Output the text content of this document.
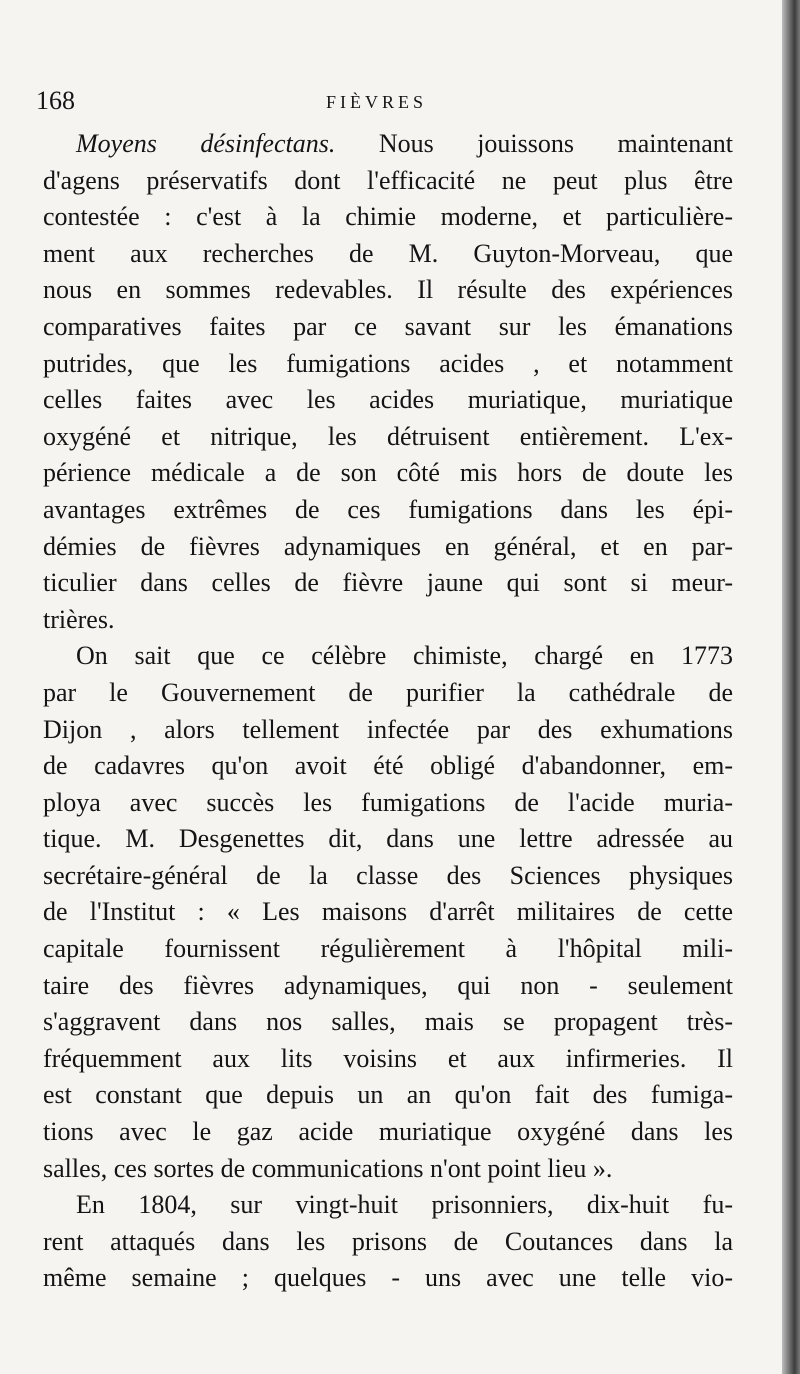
168	FIÈVRES
Moyens désinfectans. Nous jouissons maintenant
d'agens préservatifs dont l'efficacité ne peut plus être
contestée : c'est à la chimie moderne, et particulière-
ment aux recherches de M. Guyton-Morveau, que
nous en sommes redevables. Il résulte des expériences
comparatives faites par ce savant sur les émanations
putrides, que les fumigations acides , et notamment
celles faites avec les acides muriatique, muriatique
oxygéné et nitrique, les détruisent entièrement. L'ex-
périence médicale a de son côté mis hors de doute les
avantages extrêmes de ces fumigations dans les épi-
démies de fièvres adynamiques en général, et en par-
ticulier dans celles de fièvre jaune qui sont si meur-
trières.
On sait que ce célèbre chimiste, chargé en 1773
par le Gouvernement de purifier la cathédrale de
Dijon , alors tellement infectée par des exhumations
de cadavres qu'on avoit été obligé d'abandonner, em-
ploya avec succès les fumigations de l'acide muria-
tique. M. Desgenettes dit, dans une lettre adressée au
secrétaire-général de la classe des Sciences physiques
de l'Institut : « Les maisons d'arrêt militaires de cette
capitale fournissent régulièrement à l'hôpital mili-
taire des fièvres adynamiques, qui non - seulement
s'aggravent dans nos salles, mais se propagent très-
fréquemment aux lits voisins et aux infirmeries. Il
est constant que depuis un an qu'on fait des fumiga-
tions avec le gaz acide muriatique oxygéné dans les
salles, ces sortes de communications n'ont point lieu ».
En 1804, sur vingt-huit prisonniers, dix-huit fu-
rent attaqués dans les prisons de Coutances dans la
même semaine ; quelques - uns avec une telle vio-
